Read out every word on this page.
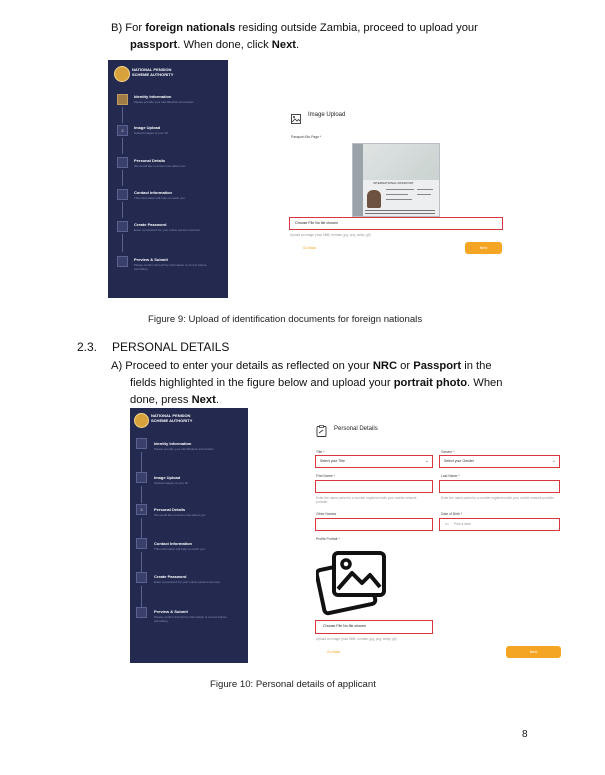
B) For foreign nationals residing outside Zambia, proceed to upload your
passport. When done, click Next.
NATIONAL PENSION
SCHEME AUTHORITY
Identity Information
Please provide your identification information
2
Image Upload
Upload images of your ID
Personal Details
We would like to know more about you
Contact Information
This information will help us reach you
Create Password
Enter a password for your online pension account
Preview & Submit
Please confirm that all the information is correct before submitting
Image Upload
Passport Bio Page *
INTERNATIONAL PASSPORT
Choose File No file chosen
Upload an image (max 5MB, formats: jpg, png, webp, gif)
Go Back	Next
Figure 9: Upload of identification documents for foreign nationals
2.3. PERSONAL DETAILS
A) Proceed to enter your details as reflected on your NRC or Passport in the
fields highlighted in the figure below and upload your portrait photo. When
done, press Next.
NATIONAL PENSION
SCHEME AUTHORITY
Identity Information
Please provide your identification information
Image Upload
Upload images of your ID
3	Personal Details
We would like to know more about you
Contact Information
This information will help us reach you
Create Password
Enter a password for your online pension account
Preview & Submit
Please confirm that all the information is correct before submitting
Personal Details
Title *
Select your Title	⌄
Gender *
Select your Gender	⌄
First Name *
Enter the name paired to a number registered with your mobile network provider
Last Name *
Enter the name paired to a number registered with your mobile network provider
Other Names	Date of Birth *
▭ Pick a date
Profile Portrait *
Choose File No file chosen
Upload an image (max 5MB, formats: jpg, png, webp, gif)
Go Back	Next
Figure 10: Personal details of applicant
8
